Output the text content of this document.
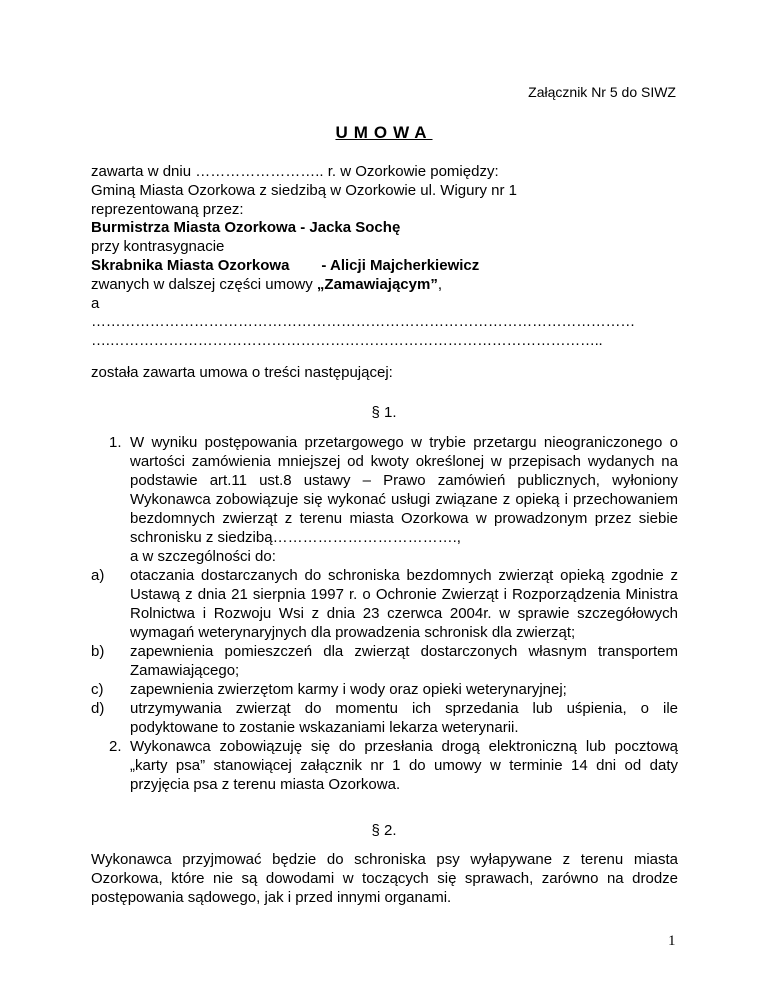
Załącznik Nr 5 do SIWZ
UMOWA
zawarta w dniu …………………….. r. w Ozorkowie pomiędzy:
Gminą Miasta Ozorkowa z siedzibą w Ozorkowie ul. Wigury nr 1
reprezentowaną przez:
Burmistrza Miasta Ozorkowa - Jacka Sochę
przy kontrasygnacie
Skrabnika Miasta Ozorkowa - Alicji Majcherkiewicz
zwanych w dalszej części umowy „Zamawiającym”,
a
…………………………………………………………………………………………………
….………………………………………………………………………………………..
została zawarta umowa o treści następującej:
§ 1.
1. W wyniku postępowania przetargowego w trybie przetargu nieograniczonego o wartości zamówienia mniejszej od kwoty określonej w przepisach wydanych na podstawie art.11 ust.8 ustawy – Prawo zamówień publicznych, wyłoniony Wykonawca zobowiązuje się wykonać usługi związane z opieką i przechowaniem bezdomnych zwierząt z terenu miasta Ozorkowa w prowadzonym przez siebie schronisku z siedzibą……………………………….,
a w szczególności do:
a) otaczania dostarczanych do schroniska bezdomnych zwierząt opieką zgodnie z Ustawą z dnia 21 sierpnia 1997 r. o Ochronie Zwierząt i Rozporządzenia Ministra Rolnictwa i Rozwoju Wsi z dnia 23 czerwca 2004r. w sprawie szczegółowych wymagań weterynaryjnych dla prowadzenia schronisk dla zwierząt;
b) zapewnienia pomieszczeń dla zwierząt dostarczonych własnym transportem Zamawiającego;
c) zapewnienia zwierzętom karmy i wody oraz opieki weterynaryjnej;
d) utrzymywania zwierząt do momentu ich sprzedania lub uśpienia, o ile podyktowane to zostanie wskazaniami lekarza weterynarii.
2. Wykonawca zobowiązuję się do przesłania drogą elektroniczną lub pocztową „karty psa” stanowiącej załącznik nr 1 do umowy w terminie 14 dni od daty przyjęcia psa z terenu miasta Ozorkowa.
§ 2.
Wykonawca przyjmować będzie do schroniska psy wyłapywane z terenu miasta Ozorkowa, które nie są dowodami w toczących się sprawach, zarówno na drodze postępowania sądowego, jak i przed innymi organami.
1
